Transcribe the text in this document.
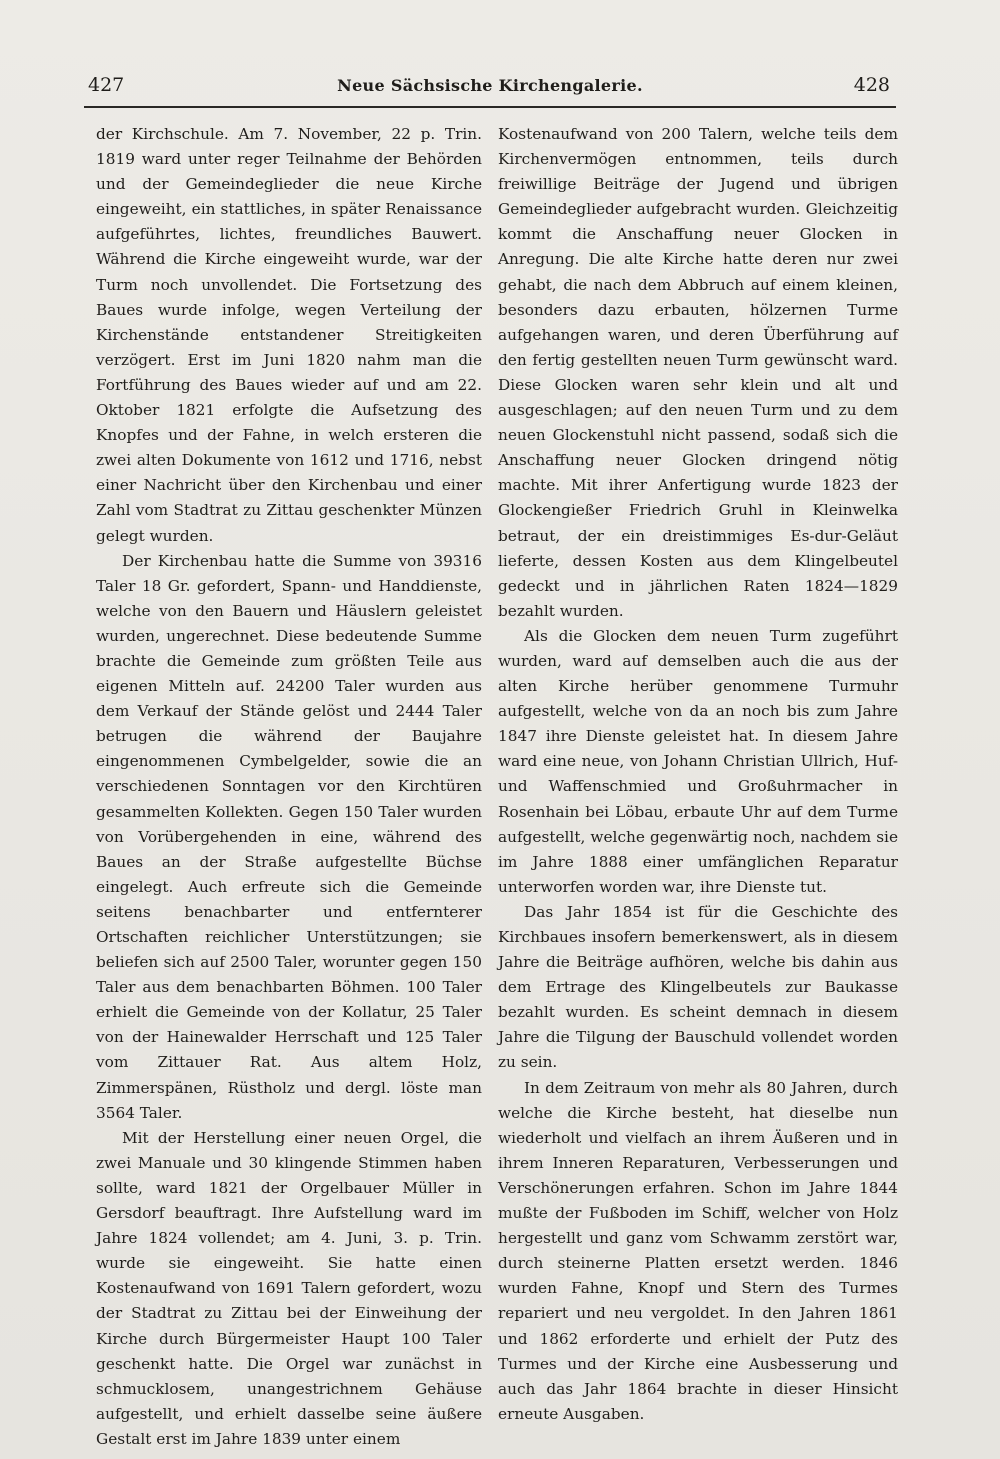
427	Neue Sächsische Kirchengalerie.	428

der Kirchschule. Am 7. November, 22 p. Trin. 1819 ward unter reger Teilnahme der Behörden und der Gemeindeglieder die neue Kirche eingeweiht, ein stattliches, in später Renaissance aufgeführtes, lichtes, freundliches Bauwert. Während die Kirche eingeweiht wurde, war der Turm noch unvollendet. Die Fortsetzung des Baues wurde infolge, wegen Verteilung der Kirchenstände entstandener Streitigkeiten verzögert. Erst im Juni 1820 nahm man die Fortführung des Baues wieder auf und am 22. Oktober 1821 erfolgte die Aufsetzung des Knopfes und der Fahne, in welch ersteren die zwei alten Dokumente von 1612 und 1716, nebst einer Nachricht über den Kirchenbau und einer Zahl vom Stadtrat zu Zittau geschenkter Münzen gelegt wurden.

Der Kirchenbau hatte die Summe von 39316 Taler 18 Gr. gefordert, Spann- und Handdienste, welche von den Bauern und Häuslern geleistet wurden, ungerechnet. Diese bedeutende Summe brachte die Gemeinde zum größten Teile aus eigenen Mitteln auf. 24200 Taler wurden aus dem Verkauf der Stände gelöst und 2444 Taler betrugen die während der Baujahre eingenommenen Cymbelgelder, sowie die an verschiedenen Sonntagen vor den Kirchtüren gesammelten Kollekten. Gegen 150 Taler wurden von Vorübergehenden in eine, während des Baues an der Straße aufgestellte Büchse eingelegt. Auch erfreute sich die Gemeinde seitens benachbarter und entfernterer Ortschaften reichlicher Unterstützungen; sie beliefen sich auf 2500 Taler, worunter gegen 150 Taler aus dem benachbarten Böhmen. 100 Taler erhielt die Gemeinde von der Kollatur, 25 Taler von der Hainewalder Herrschaft und 125 Taler vom Zittauer Rat. Aus altem Holz, Zimmerspänen, Rüstholz und dergl. löste man 3564 Taler.

Mit der Herstellung einer neuen Orgel, die zwei Manuale und 30 klingende Stimmen haben sollte, ward 1821 der Orgelbauer Müller in Gersdorf beauftragt. Ihre Aufstellung ward im Jahre 1824 vollendet; am 4. Juni, 3. p. Trin. wurde sie eingeweiht. Sie hatte einen Kostenaufwand von 1691 Talern gefordert, wozu der Stadtrat zu Zittau bei der Einweihung der Kirche durch Bürgermeister Haupt 100 Taler geschenkt hatte. Die Orgel war zunächst in schmucklosem, unangestrichnem Gehäuse aufgestellt, und erhielt dasselbe seine äußere Gestalt erst im Jahre 1839 unter einem

Kostenaufwand von 200 Talern, welche teils dem Kirchenvermögen entnommen, teils durch freiwillige Beiträge der Jugend und übrigen Gemeindeglieder aufgebracht wurden. Gleichzeitig kommt die Anschaffung neuer Glocken in Anregung. Die alte Kirche hatte deren nur zwei gehabt, die nach dem Abbruch auf einem kleinen, besonders dazu erbauten, hölzernen Turme aufgehangen waren, und deren Überführung auf den fertig gestellten neuen Turm gewünscht ward. Diese Glocken waren sehr klein und alt und ausgeschlagen; auf den neuen Turm und zu dem neuen Glockenstuhl nicht passend, sodaß sich die Anschaffung neuer Glocken dringend nötig machte. Mit ihrer Anfertigung wurde 1823 der Glockengießer Friedrich Gruhl in Kleinwelka betraut, der ein dreistimmiges Es-dur-Geläut lieferte, dessen Kosten aus dem Klingelbeutel gedeckt und in jährlichen Raten 1824—1829 bezahlt wurden.

Als die Glocken dem neuen Turm zugeführt wurden, ward auf demselben auch die aus der alten Kirche herüber genommene Turmuhr aufgestellt, welche von da an noch bis zum Jahre 1847 ihre Dienste geleistet hat. In diesem Jahre ward eine neue, von Johann Christian Ullrich, Huf- und Waffenschmied und Großuhrmacher in Rosenhain bei Löbau, erbaute Uhr auf dem Turme aufgestellt, welche gegenwärtig noch, nachdem sie im Jahre 1888 einer umfänglichen Reparatur unterworfen worden war, ihre Dienste tut.

Das Jahr 1854 ist für die Geschichte des Kirchbaues insofern bemerkenswert, als in diesem Jahre die Beiträge aufhören, welche bis dahin aus dem Ertrage des Klingelbeutels zur Baukasse bezahlt wurden. Es scheint demnach in diesem Jahre die Tilgung der Bauschuld vollendet worden zu sein.

In dem Zeitraum von mehr als 80 Jahren, durch welche die Kirche besteht, hat dieselbe nun wiederholt und vielfach an ihrem Äußeren und in ihrem Inneren Reparaturen, Verbesserungen und Verschönerungen erfahren. Schon im Jahre 1844 mußte der Fußboden im Schiff, welcher von Holz hergestellt und ganz vom Schwamm zerstört war, durch steinerne Platten ersetzt werden. 1846 wurden Fahne, Knopf und Stern des Turmes repariert und neu vergoldet. In den Jahren 1861 und 1862 erforderte und erhielt der Putz des Turmes und der Kirche eine Ausbesserung und auch das Jahr 1864 brachte in dieser Hinsicht erneute Ausgaben.
